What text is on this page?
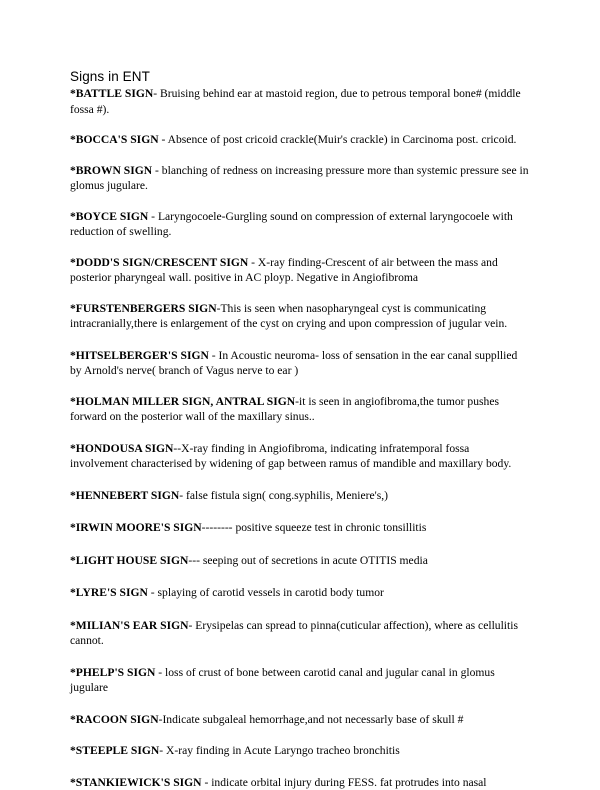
Signs in ENT

*BATTLE SIGN- Bruising behind ear at mastoid region, due to petrous temporal bone# (middle fossa #).

*BOCCA'S SIGN - Absence of post cricoid crackle(Muir's crackle) in Carcinoma post. cricoid.

*BROWN SIGN - blanching of redness on increasing pressure more than systemic pressure see in glomus jugulare.

*BOYCE SIGN - Laryngocoele-Gurgling sound on compression of external laryngocoele with reduction of swelling.

*DODD'S SIGN/CRESCENT SIGN - X-ray finding-Crescent of air between the mass and posterior pharyngeal wall. positive in AC ployp. Negative in Angiofibroma

*FURSTENBERGERS SIGN-This is seen when nasopharyngeal cyst is communicating intracranially,there is enlargement of the cyst on crying and upon compression of jugular vein.

*HITSELBERGER'S SIGN - In Acoustic neuroma- loss of sensation in the ear canal suppllied by Arnold's nerve( branch of Vagus nerve to ear )

*HOLMAN MILLER SIGN, ANTRAL SIGN-it is seen in angiofibroma,the tumor pushes forward on the posterior wall of the maxillary sinus..

*HONDOUSA SIGN--X-ray finding in Angiofibroma, indicating infratemporal fossa involvement characterised by widening of gap between ramus of mandible and maxillary body.

*HENNEBERT SIGN- false fistula sign( cong.syphilis, Meniere's,)

*IRWIN MOORE'S SIGN-------- positive squeeze test in chronic tonsillitis

*LIGHT HOUSE SIGN--- seeping out of secretions in acute OTITIS media

*LYRE'S SIGN - splaying of carotid vessels in carotid body tumor

*MILIAN'S EAR SIGN- Erysipelas can spread to pinna(cuticular affection), where as cellulitis cannot.

*PHELP'S SIGN - loss of crust of bone between carotid canal and jugular canal in glomus jugulare

*RACOON SIGN-Indicate subgaleal hemorrhage,and not necessarly base of skull #

*STEEPLE SIGN- X-ray finding in Acute Laryngo tracheo bronchitis

*STANKIEWICK'S SIGN - indicate orbital injury during FESS. fat protrudes into nasal
